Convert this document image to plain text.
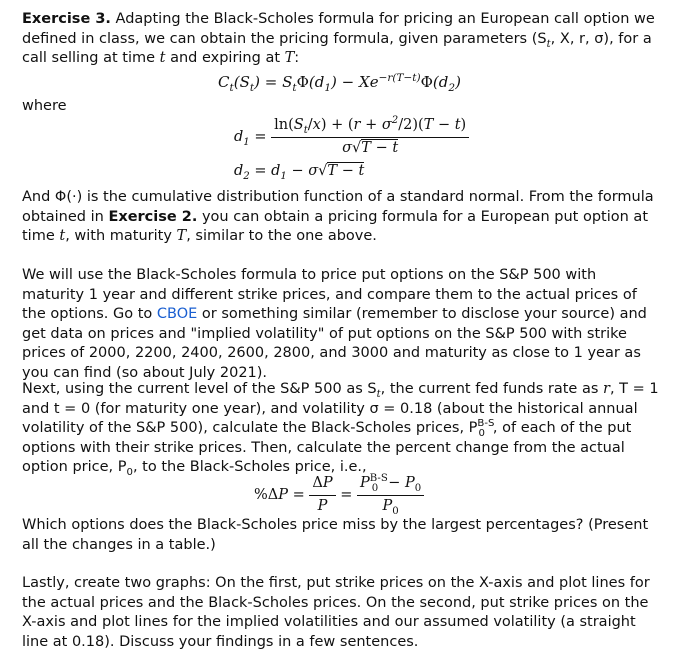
Exercise 3. Adapting the Black-Scholes formula for pricing an European call option we defined in class, we can obtain the pricing formula, given parameters ($S_t$, X, r, σ), for a call selling at time t and expiring at T:

$C_t(S_t) = S_t\Phi(d_1) - Xe^{-r(T-t)}\Phi(d_2)$
where
$d_1 = \frac{\ln(S_t/x) + (r + \sigma^2/2)(T - t)}{\sigma√T - t}$
$d_2 = d_1 - \sigma√T - t$

And Φ(·) is the cumulative distribution function of a standard normal. From the formula obtained in Exercise 2. you can obtain a pricing formula for a European put option at time t, with maturity T, similar to the one above.

We will use the Black-Scholes formula to price put options on the S&P 500 with maturity 1 year and different strike prices, and compare them to the actual prices of the options. Go to CBOE or something similar (remember to disclose your source) and get data on prices and "implied volatility" of put options on the S&P 500 with strike prices of 2000, 2200, 2400, 2600, 2800, and 3000 and maturity as close to 1 year as you can find (so about July 2021).

Next, using the current level of the S&P 500 as $S_t$, the current fed funds rate as r, T = 1 and t = 0 (for maturity one year), and volatility σ = 0.18 (about the historical annual volatility of the S&P 500), calculate the Black-Scholes prices, $P^{B-S}_0$ , of each of the put options with their strike prices. Then, calculate the percent change from the actual option price, $P_0$, to the Black-Scholes price, i.e.,

$\%\Delta P = \frac{\Delta P}{P} = \frac{P^{B-S}_0 - P_0}{P_0}$

Which options does the Black-Scholes price miss by the largest percentages? (Present all the changes in a table.)

Lastly, create two graphs: On the first, put strike prices on the X-axis and plot lines for the actual prices and the Black-Scholes prices. On the second, put strike prices on the X-axis and plot lines for the implied volatilities and our assumed volatility (a straight line at 0.18). Discuss your findings in a few sentences.
